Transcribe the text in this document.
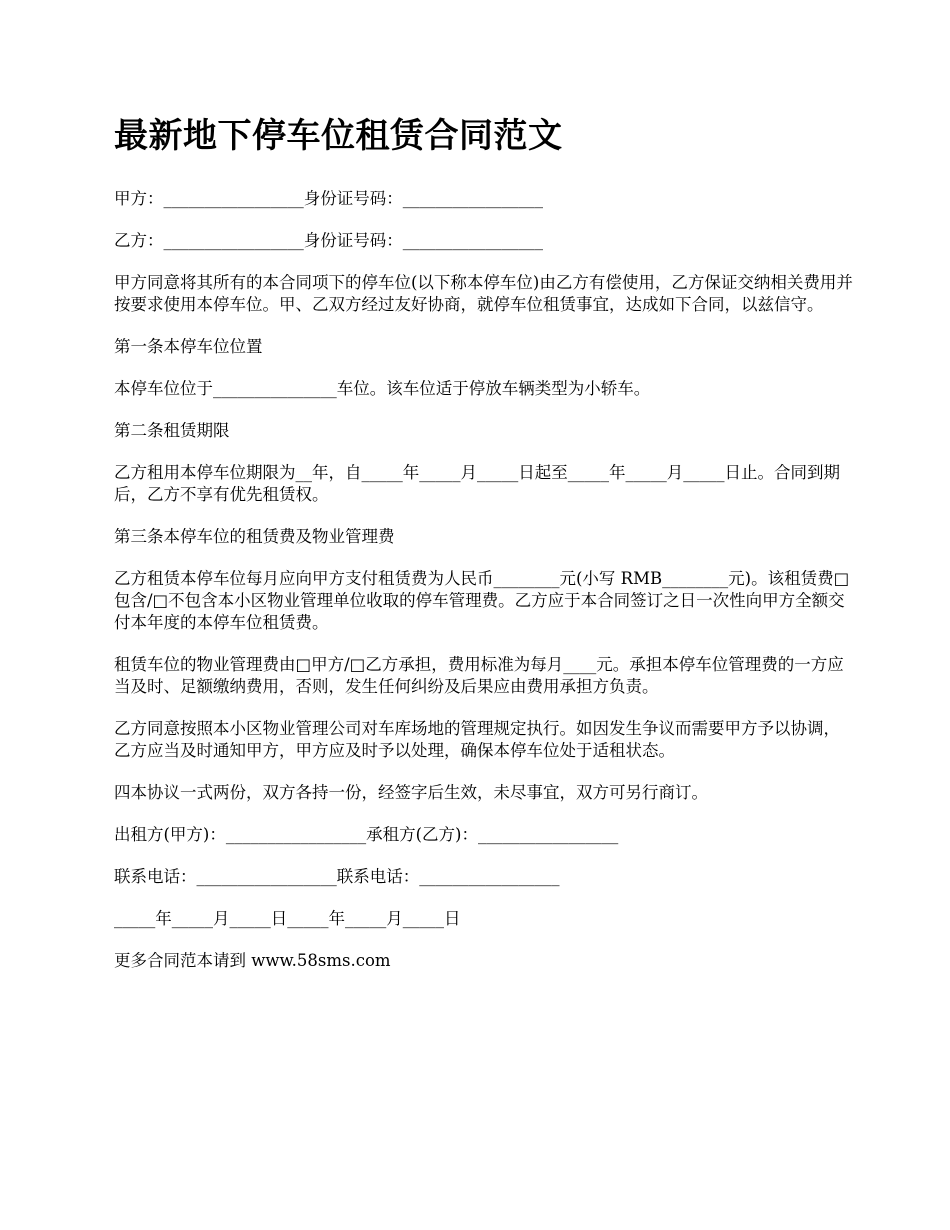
最新地下停车位租赁合同范文

甲方：_________________身份证号码：_________________

乙方：_________________身份证号码：_________________

甲方同意将其所有的本合同项下的停车位(以下称本停车位)由乙方有偿使用，乙方保证交纳相关费用并按要求使用本停车位。甲、乙双方经过友好协商，就停车位租赁事宜，达成如下合同，以兹信守。

第一条本停车位位置

本停车位位于_______________车位。该车位适于停放车辆类型为小轿车。

第二条租赁期限

乙方租用本停车位期限为__年，自_____年_____月_____日起至_____年_____月_____日止。合同到期后，乙方不享有优先租赁权。

第三条本停车位的租赁费及物业管理费

乙方租赁本停车位每月应向甲方支付租赁费为人民币________元(小写 RMB________元)。该租赁费□包含/□不包含本小区物业管理单位收取的停车管理费。乙方应于本合同签订之日一次性向甲方全额交付本年度的本停车位租赁费。

租赁车位的物业管理费由□甲方/□乙方承担，费用标准为每月____元。承担本停车位管理费的一方应当及时、足额缴纳费用，否则，发生任何纠纷及后果应由费用承担方负责。

乙方同意按照本小区物业管理公司对车库场地的管理规定执行。如因发生争议而需要甲方予以协调，乙方应当及时通知甲方，甲方应及时予以处理，确保本停车位处于适租状态。

四本协议一式两份，双方各持一份，经签字后生效，未尽事宜，双方可另行商订。

出租方(甲方)：_________________承租方(乙方)：_________________

联系电话：_________________联系电话：_________________

_____年_____月_____日_____年_____月_____日

更多合同范本请到 www.58sms.com
